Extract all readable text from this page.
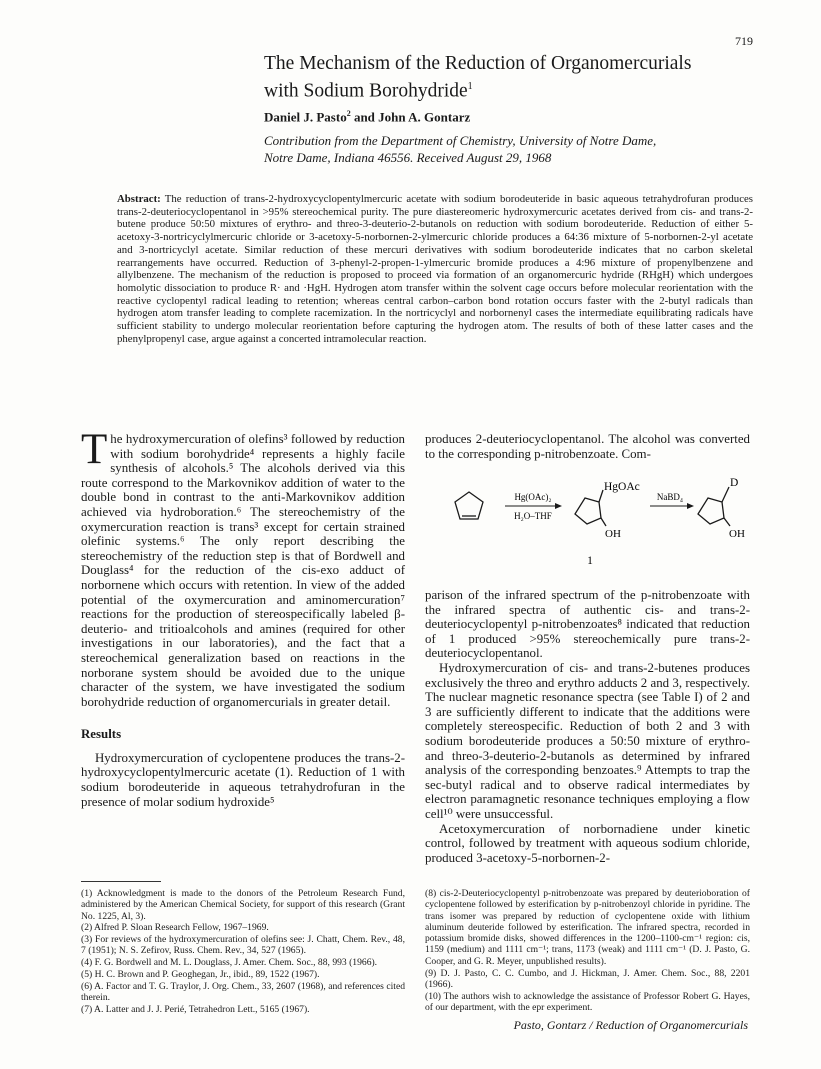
719
The Mechanism of the Reduction of Organomercurials
with Sodium Borohydride$^1$
Daniel J. Pasto$^2$ and John A. Gontarz
Contribution from the Department of Chemistry, University of Notre Dame,
Notre Dame, Indiana 46556. Received August 29, 1968
Abstract: The reduction of trans-2-hydroxycyclopentylmercuric acetate with sodium borodeuteride in basic aqueous tetrahydrofuran produces trans-2-deuteriocyclopentanol in >95% stereochemical purity. The pure diastereomeric hydroxymercuric acetates derived from cis- and trans-2-butene produce 50:50 mixtures of erythro- and threo-3-deuterio-2-butanols on reduction with sodium borodeuteride. Reduction of either 5-acetoxy-3-nortricyclylmercuric chloride or 3-acetoxy-5-norbornen-2-ylmercuric chloride produces a 64:36 mixture of 5-norbornen-2-yl acetate and 3-nortricyclyl acetate. Similar reduction of these mercuri derivatives with sodium borodeuteride indicates that no carbon skeletal rearrangements have occurred. Reduction of 3-phenyl-2-propen-1-ylmercuric bromide produces a 4:96 mixture of propenylbenzene and allylbenzene. The mechanism of the reduction is proposed to proceed via formation of an organomercuric hydride (RHgH) which undergoes homolytic dissociation to produce R· and ·HgH. Hydrogen atom transfer within the solvent cage occurs before molecular reorientation with the reactive cyclopentyl radical leading to retention; whereas central carbon–carbon bond rotation occurs faster with the 2-butyl radicals than hydrogen atom transfer leading to complete racemization. In the nortricyclyl and norbornenyl cases the intermediate equilibrating radicals have sufficient stability to undergo molecular reorientation before capturing the hydrogen atom. The results of both of these latter cases and the phenylpropenyl case, argue against a concerted intramolecular reaction.

The hydroxymercuration of olefins³ followed by reduction with sodium borohydride⁴ represents a highly facile synthesis of alcohols.⁵ The alcohols derived via this route correspond to the Markovnikov addition of water to the double bond in contrast to the anti-Markovnikov addition achieved via hydroboration.⁶ The stereochemistry of the oxymercuration reaction is trans³ except for certain strained olefinic systems.⁶ The only report describing the stereochemistry of the reduction step is that of Bordwell and Douglass⁴ for the reduction of the cis-exo adduct of norbornene which occurs with retention. In view of the added potential of the oxymercuration and aminomercuration⁷ reactions for the production of stereospecifically labeled β-deuterio- and tritioalcohols and amines (required for other investigations in our laboratories), and the fact that a stereochemical generalization based on reactions in the norborane system should be avoided due to the unique character of the system, we have investigated the sodium borohydride reduction of organomercurials in greater detail.

Results

Hydroxymercuration of cyclopentene produces the trans-2-hydroxycyclopentylmercuric acetate (1). Reduction of 1 with sodium borodeuteride in aqueous tetrahydrofuran in the presence of molar sodium hydroxide⁵

produces 2-deuteriocyclopentanol. The alcohol was converted to the corresponding p-nitrobenzoate. Com-
Hg(OAc)₂
H₂O–THF
HgOAc
OH
1
NaBD₄
D
OH

parison of the infrared spectrum of the p-nitrobenzoate with the infrared spectra of authentic cis- and trans-2-deuteriocyclopentyl p-nitrobenzoates⁸ indicated that reduction of 1 produced >95% stereochemically pure trans-2-deuteriocyclopentanol.

Hydroxymercuration of cis- and trans-2-butenes produces exclusively the threo and erythro adducts 2 and 3, respectively. The nuclear magnetic resonance spectra (see Table I) of 2 and 3 are sufficiently different to indicate that the additions were completely stereospecific. Reduction of both 2 and 3 with sodium borodeuteride produces a 50:50 mixture of erythro- and threo-3-deuterio-2-butanols as determined by infrared analysis of the corresponding benzoates.⁹ Attempts to trap the sec-butyl radical and to observe radical intermediates by electron paramagnetic resonance techniques employing a flow cell¹⁰ were unsuccessful.

Acetoxymercuration of norbornadiene under kinetic control, followed by treatment with aqueous sodium chloride, produced 3-acetoxy-5-norbornen-2-

(1) Acknowledgment is made to the donors of the Petroleum Research Fund, administered by the American Chemical Society, for support of this research (Grant No. 1225, Al, 3).
(2) Alfred P. Sloan Research Fellow, 1967–1969.
(3) For reviews of the hydroxymercuration of olefins see: J. Chatt, Chem. Rev., 48, 7 (1951); N. S. Zefirov, Russ. Chem. Rev., 34, 527 (1965).
(4) F. G. Bordwell and M. L. Douglass, J. Amer. Chem. Soc., 88, 993 (1966).
(5) H. C. Brown and P. Geoghegan, Jr., ibid., 89, 1522 (1967).
(6) A. Factor and T. G. Traylor, J. Org. Chem., 33, 2607 (1968), and references cited therein.
(7) A. Latter and J. J. Perié, Tetrahedron Lett., 5165 (1967).
(8) cis-2-Deuteriocyclopentyl p-nitrobenzoate was prepared by deuterioboration of cyclopentene followed by esterification by p-nitrobenzoyl chloride in pyridine. The trans isomer was prepared by reduction of cyclopentene oxide with lithium aluminum deuteride followed by esterification. The infrared spectra, recorded in potassium bromide disks, showed differences in the 1200–1100-cm⁻¹ region: cis, 1159 (medium) and 1111 cm⁻¹; trans, 1173 (weak) and 1111 cm⁻¹ (D. J. Pasto, G. Cooper, and G. R. Meyer, unpublished results).
(9) D. J. Pasto, C. C. Cumbo, and J. Hickman, J. Amer. Chem. Soc., 88, 2201 (1966).
(10) The authors wish to acknowledge the assistance of Professor Robert G. Hayes, of our department, with the epr experiment.
Pasto, Gontarz / Reduction of Organomercurials
